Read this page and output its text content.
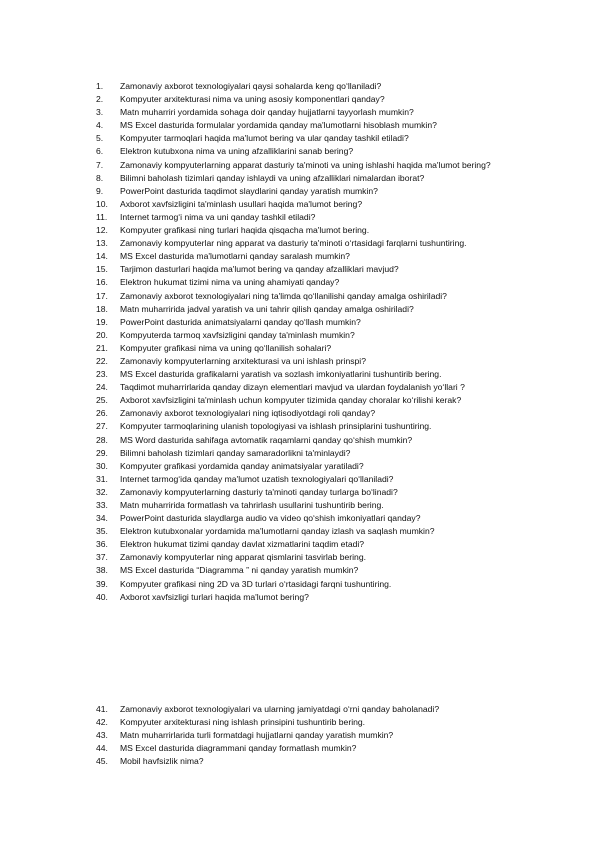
1.	Zamonaviy axborot texnologiyalari qaysi sohalarda keng qo‘llaniladi?
2.	Kompyuter arxitekturasi nima va uning asosiy komponentlari qanday?
3.	Matn muharriri yordamida sohaga doir qanday hujjatlarni tayyorlash mumkin?
4.	MS Excel dasturida formulalar yordamida qanday ma'lumotlarni hisoblash mumkin?
5.	Kompyuter tarmoqlari haqida ma'lumot bering va ular qanday tashkil etiladi?
6.	Elektron kutubxona nima va uning afzalliklarini sanab bering?
7.	Zamonaviy kompyuterlarning apparat dasturiy ta'minoti va uning ishlashi haqida ma'lumot bering?
8.	Bilimni baholash tizimlari qanday ishlaydi va uning afzalliklari nimalardan iborat?
9.	PowerPoint dasturida taqdimot slaydlarini qanday yaratish mumkin?
10.	Axborot xavfsizligini ta'minlash usullari haqida ma'lumot bering?
11.	Internet tarmog‘i nima va uni qanday tashkil etiladi?
12.	Kompyuter grafikasi ning turlari haqida qisqacha ma'lumot bering.
13.	Zamonaviy kompyuterlar ning apparat va dasturiy ta'minoti o‘rtasidagi farqlarni tushuntiring.
14.	MS Excel dasturida ma'lumotlarni qanday saralash mumkin?
15.	Tarjimon dasturlari haqida ma'lumot bering va qanday afzalliklari mavjud?
16.	Elektron hukumat tizimi nima va uning ahamiyati qanday?
17.	Zamonaviy axborot texnologiyalari ning ta'limda qo‘llanilishi qanday amalga oshiriladi?
18.	Matn muharririda jadval yaratish va uni tahrir qilish qanday amalga oshiriladi?
19.	PowerPoint dasturida animatsiyalarni qanday qo‘llash mumkin?
20.	Kompyuterda tarmoq xavfsizligini qanday ta'minlash mumkin?
21.	Kompyuter grafikasi nima va uning qo‘llanilish sohalari?
22.	Zamonaviy kompyuterlarning arxitekturasi va uni ishlash prinspi?
23.	MS Excel dasturida grafikalarni yaratish va sozlash imkoniyatlarini tushuntirib bering.
24.	Taqdimot muharrirlarida qanday dizayn elementlari mavjud va ulardan foydalanish yo‘llari ?
25.	Axborot xavfsizligini ta'minlash uchun kompyuter tizimida qanday choralar ko‘rilishi kerak?
26.	Zamonaviy axborot texnologiyalari ning iqtisodiyotdagi roli qanday?
27.	Kompyuter tarmoqlarining ulanish topologiyasi va ishlash prinsiplarini tushuntiring.
28.	MS Word dasturida sahifaga avtomatik raqamlarni qanday qo‘shish mumkin?
29.	Bilimni baholash tizimlari qanday samaradorlikni ta'minlaydi?
30.	Kompyuter grafikasi yordamida qanday animatsiyalar yaratiladi?
31.	Internet tarmog‘ida qanday ma'lumot uzatish texnologiyalari qo‘llaniladi?
32.	Zamonaviy kompyuterlarning dasturiy ta'minoti qanday turlarga bo‘linadi?
33.	Matn muharririda formatlash va tahrirlash usullarini tushuntirib bering.
34.	PowerPoint dasturida slaydlarga audio va video qo‘shish imkoniyatlari qanday?
35.	Elektron kutubxonalar yordamida ma'lumotlarni qanday izlash va saqlash mumkin?
36.	Elektron hukumat tizimi qanday davlat xizmatlarini taqdim etadi?
37.	Zamonaviy kompyuterlar ning apparat qismlarini tasvirlab bering.
38.	MS Excel dasturida “Diagramma ” ni qanday yaratish mumkin?
39.	Kompyuter grafikasi ning 2D va 3D turlari o‘rtasidagi farqni tushuntiring.
40.	Axborot xavfsizligi turlari haqida ma'lumot bering?
41.	Zamonaviy axborot texnologiyalari va ularning jamiyatdagi o‘rni qanday baholanadi?
42.	Kompyuter arxitekturasi ning ishlash prinsipini tushuntirib bering.
43.	Matn muharrirlarida turli formatdagi hujjatlarni qanday yaratish mumkin?
44.	MS Excel dasturida diagrammani qanday formatlash mumkin?
45.	Mobil havfsizlik nima?
